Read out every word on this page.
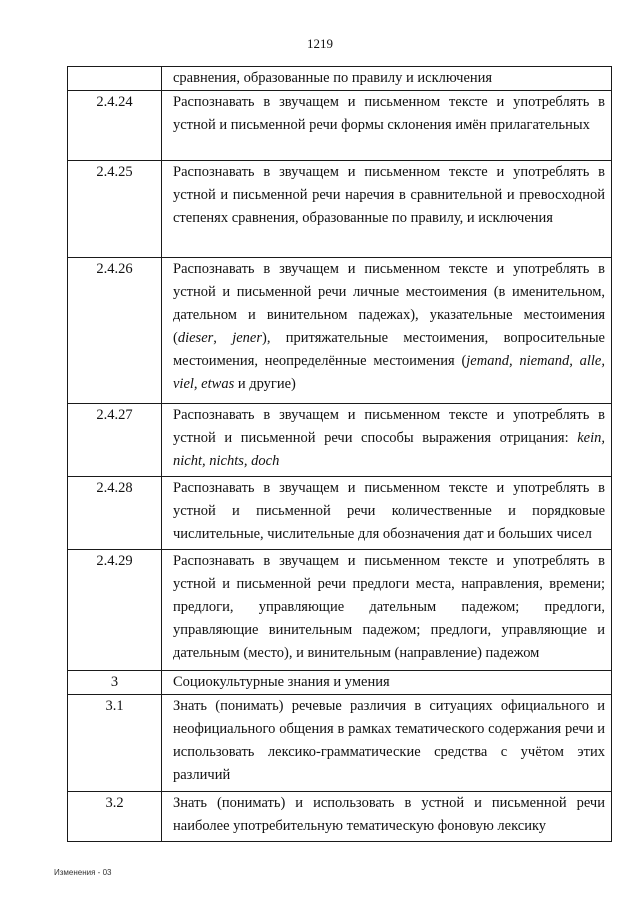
1219
	сравнения, образованные по правилу и исключения
2.4.24	Распознавать в звучащем и письменном тексте и употреблять в устной и письменной речи формы склонения имён прилагательных
2.4.25	Распознавать в звучащем и письменном тексте и употреблять в устной и письменной речи наречия в сравнительной и превосходной степенях сравнения, образованные по правилу, и исключения
2.4.26	Распознавать в звучащем и письменном тексте и употреблять в устной и письменной речи личные местоимения (в именительном, дательном и винительном падежах), указательные местоимения (dieser, jener), притяжательные местоимения, вопросительные местоимения, неопределённые местоимения (jemand, niemand, alle, viel, etwas и другие)
2.4.27	Распознавать в звучащем и письменном тексте и употреблять в устной и письменной речи способы выражения отрицания: kein, nicht, nichts, doch
2.4.28	Распознавать в звучащем и письменном тексте и употреблять в устной и письменной речи количественные и порядковые числительные, числительные для обозначения дат и больших чисел
2.4.29	Распознавать в звучащем и письменном тексте и употреблять в устной и письменной речи предлоги места, направления, времени; предлоги, управляющие дательным падежом; предлоги, управляющие винительным падежом; предлоги, управляющие и дательным (место), и винительным (направление) падежом
3	Социокультурные знания и умения
3.1	Знать (понимать) речевые различия в ситуациях официального и неофициального общения в рамках тематического содержания речи и использовать лексико-грамматические средства с учётом этих различий
3.2	Знать (понимать) и использовать в устной и письменной речи наиболее употребительную тематическую фоновую лексику
Изменения - 03
